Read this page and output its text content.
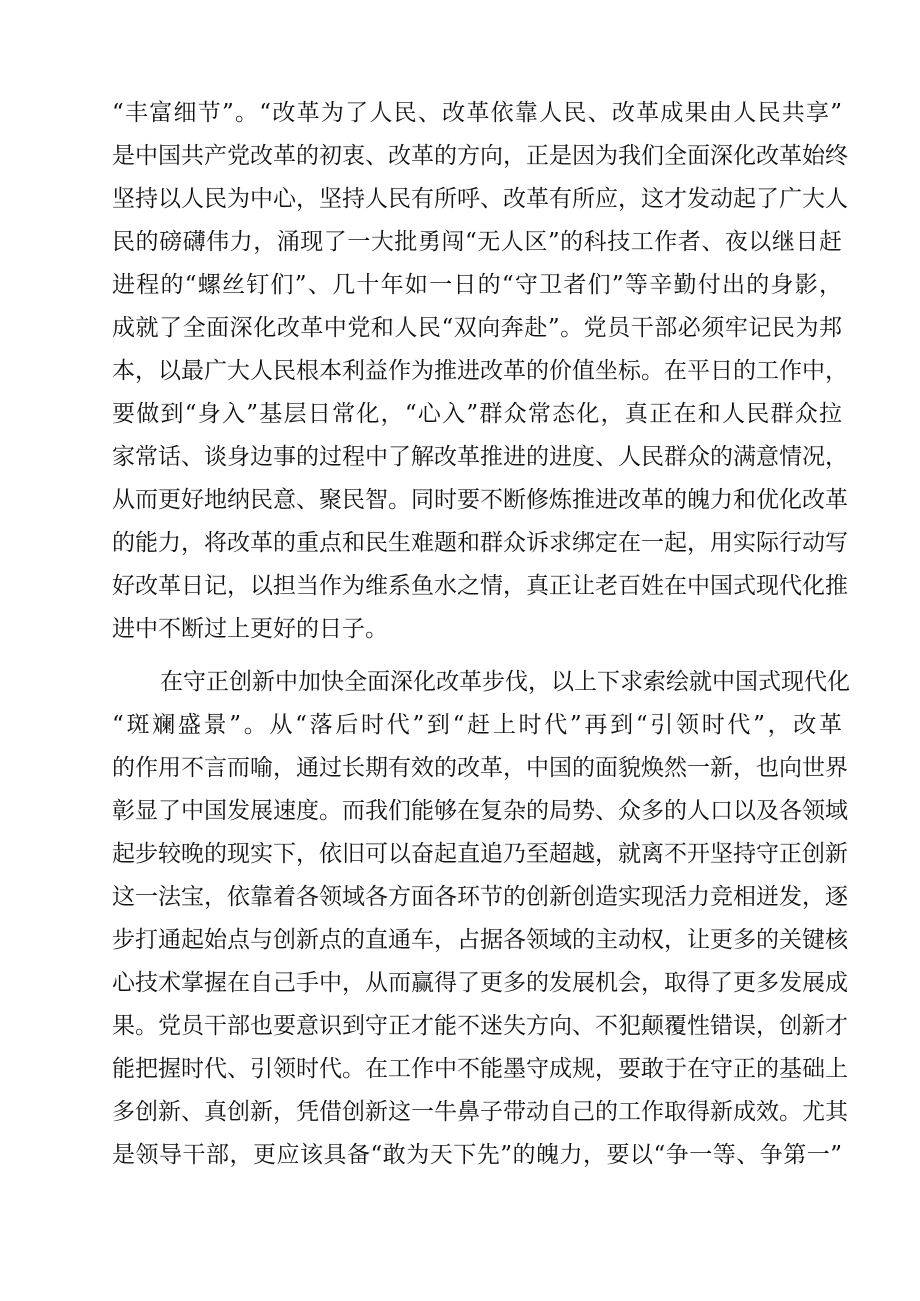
“丰富细节”。“改革为了人民、改革依靠人民、改革成果由人民共享”
是中国共产党改革的初衷、改革的方向，正是因为我们全面深化改革始终
坚持以人民为中心，坚持人民有所呼、改革有所应，这才发动起了广大人
民的磅礴伟力，涌现了一大批勇闯“无人区”的科技工作者、夜以继日赶
进程的“螺丝钉们”、几十年如一日的“守卫者们”等辛勤付出的身影，
成就了全面深化改革中党和人民“双向奔赴”。党员干部必须牢记民为邦
本，以最广大人民根本利益作为推进改革的价值坐标。在平日的工作中，
要做到“身入”基层日常化，“心入”群众常态化，真正在和人民群众拉
家常话、谈身边事的过程中了解改革推进的进度、人民群众的满意情况，
从而更好地纳民意、聚民智。同时要不断修炼推进改革的魄力和优化改革
的能力，将改革的重点和民生难题和群众诉求绑定在一起，用实际行动写
好改革日记，以担当作为维系鱼水之情，真正让老百姓在中国式现代化推
进中不断过上更好的日子。
在守正创新中加快全面深化改革步伐，以上下求索绘就中国式现代化
“斑斓盛景”。从“落后时代”到“赶上时代”再到“引领时代”，改革
的作用不言而喻，通过长期有效的改革，中国的面貌焕然一新，也向世界
彰显了中国发展速度。而我们能够在复杂的局势、众多的人口以及各领域
起步较晚的现实下，依旧可以奋起直追乃至超越，就离不开坚持守正创新
这一法宝，依靠着各领域各方面各环节的创新创造实现活力竞相迸发，逐
步打通起始点与创新点的直通车，占据各领域的主动权，让更多的关键核
心技术掌握在自己手中，从而赢得了更多的发展机会，取得了更多发展成
果。党员干部也要意识到守正才能不迷失方向、不犯颠覆性错误，创新才
能把握时代、引领时代。在工作中不能墨守成规，要敢于在守正的基础上
多创新、真创新，凭借创新这一牛鼻子带动自己的工作取得新成效。尤其
是领导干部，更应该具备“敢为天下先”的魄力，要以“争一等、争第一”
